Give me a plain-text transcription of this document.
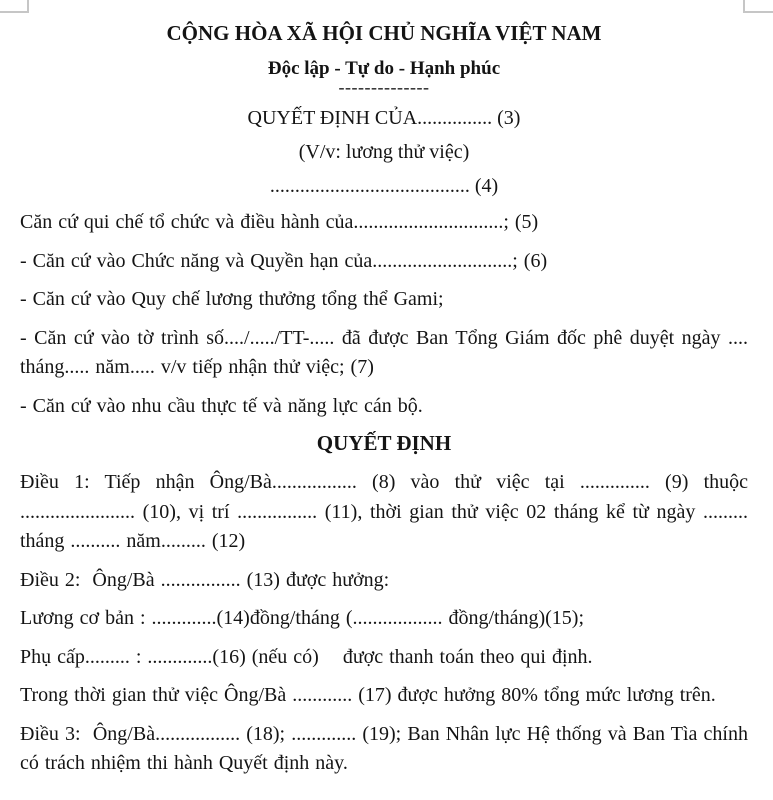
CỘNG HÒA XÃ HỘI CHỦ NGHĨA VIỆT NAM
Độc lập - Tự do - Hạnh phúc
--------------
QUYẾT ĐỊNH CỦA............... (3)
(V/v: lương thử việc)
........................................ (4)

Căn cứ qui chế tổ chức và điều hành của..............................; (5)

- Căn cứ vào Chức năng và Quyền hạn của............................; (6)

- Căn cứ vào Quy chế lương thưởng tổng thể Gami;

- Căn cứ vào tờ trình số..../...../TT-..... đã được Ban Tổng Giám đốc phê duyệt ngày .... tháng..... năm..... v/v tiếp nhận thử việc; (7)

- Căn cứ vào nhu cầu thực tế và năng lực cán bộ.

QUYẾT ĐỊNH

Điều 1: Tiếp nhận Ông/Bà................. (8) vào thử việc tại .............. (9) thuộc ....................... (10), vị trí ................ (11), thời gian thử việc 02 tháng kể từ ngày ......... tháng .......... năm......... (12)

Điều 2:  Ông/Bà ................ (13) được hưởng:

Lương cơ bản : .............(14)đồng/tháng (.................. đồng/tháng)(15);

Phụ cấp......... : .............(16) (nếu có)    được thanh toán theo qui định.

Trong thời gian thử việc Ông/Bà ............ (17) được hưởng 80% tổng mức lương trên.

Điều 3:  Ông/Bà................. (18); ............. (19); Ban Nhân lực Hệ thống và Ban Tìa chính có trách nhiệm thi hành Quyết định này.
